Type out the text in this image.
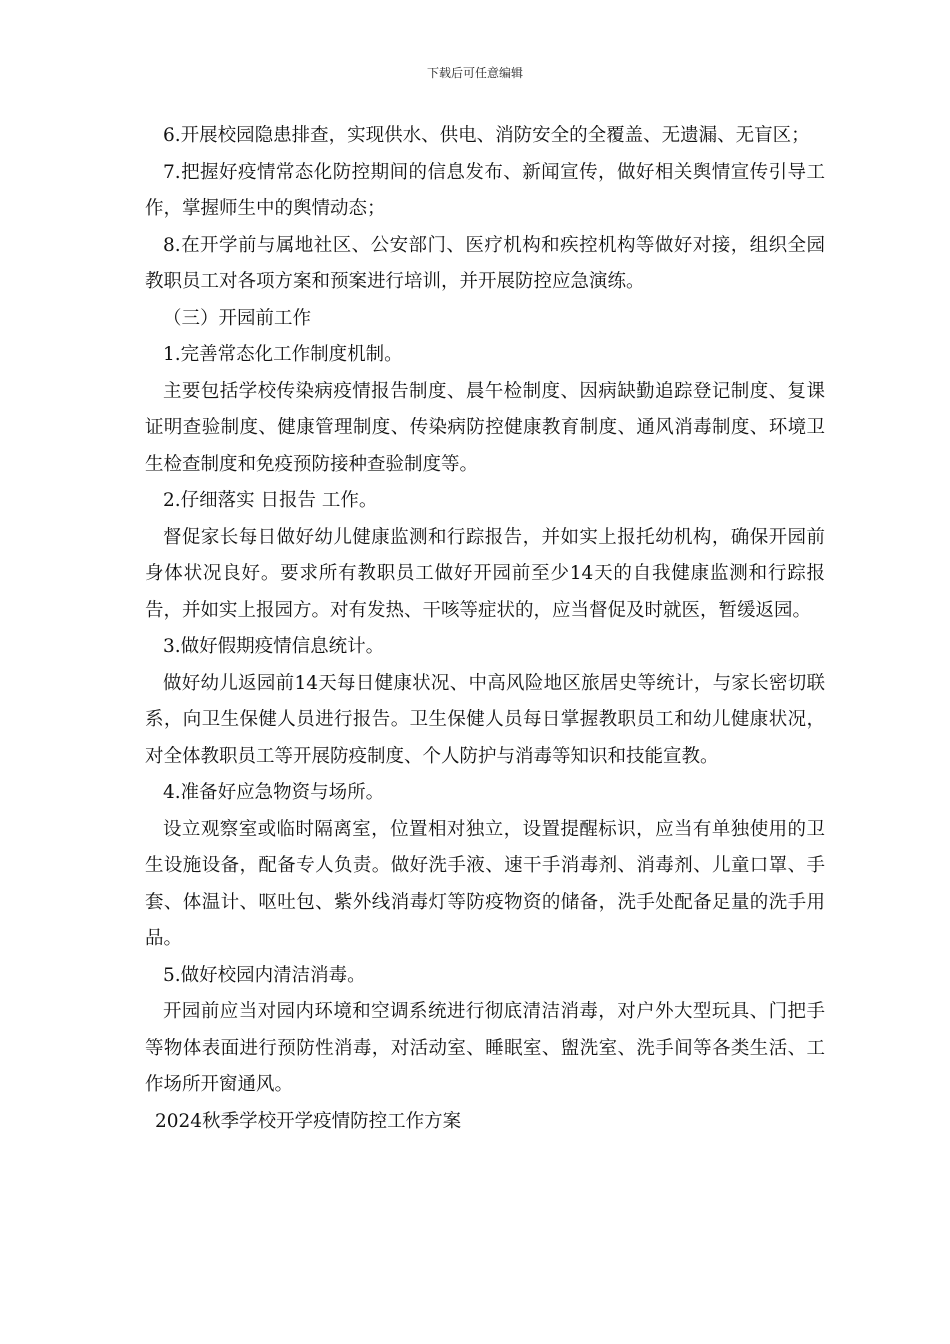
下载后可任意编辑

6.开展校园隐患排查，实现供水、供电、消防安全的全覆盖、无遗漏、无盲区；

7.把握好疫情常态化防控期间的信息发布、新闻宣传，做好相关舆情宣传引导工作，掌握师生中的舆情动态；

8.在开学前与属地社区、公安部门、医疗机构和疾控机构等做好对接，组织全园教职员工对各项方案和预案进行培训，并开展防控应急演练。

（三）开园前工作

1.完善常态化工作制度机制。

主要包括学校传染病疫情报告制度、晨午检制度、因病缺勤追踪登记制度、复课证明查验制度、健康管理制度、传染病防控健康教育制度、通风消毒制度、环境卫生检查制度和免疫预防接种查验制度等。

2.仔细落实 日报告 工作。

督促家长每日做好幼儿健康监测和行踪报告，并如实上报托幼机构，确保开园前身体状况良好。要求所有教职员工做好开园前至少14天的自我健康监测和行踪报告，并如实上报园方。对有发热、干咳等症状的，应当督促及时就医，暂缓返园。

3.做好假期疫情信息统计。

做好幼儿返园前14天每日健康状况、中高风险地区旅居史等统计，与家长密切联系，向卫生保健人员进行报告。卫生保健人员每日掌握教职员工和幼儿健康状况，对全体教职员工等开展防疫制度、个人防护与消毒等知识和技能宣教。

4.准备好应急物资与场所。

设立观察室或临时隔离室，位置相对独立，设置提醒标识，应当有单独使用的卫生设施设备，配备专人负责。做好洗手液、速干手消毒剂、消毒剂、儿童口罩、手套、体温计、呕吐包、紫外线消毒灯等防疫物资的储备，洗手处配备足量的洗手用品。

5.做好校园内清洁消毒。

开园前应当对园内环境和空调系统进行彻底清洁消毒，对户外大型玩具、门把手等物体表面进行预防性消毒，对活动室、睡眠室、盥洗室、洗手间等各类生活、工作场所开窗通风。

2024秋季学校开学疫情防控工作方案
